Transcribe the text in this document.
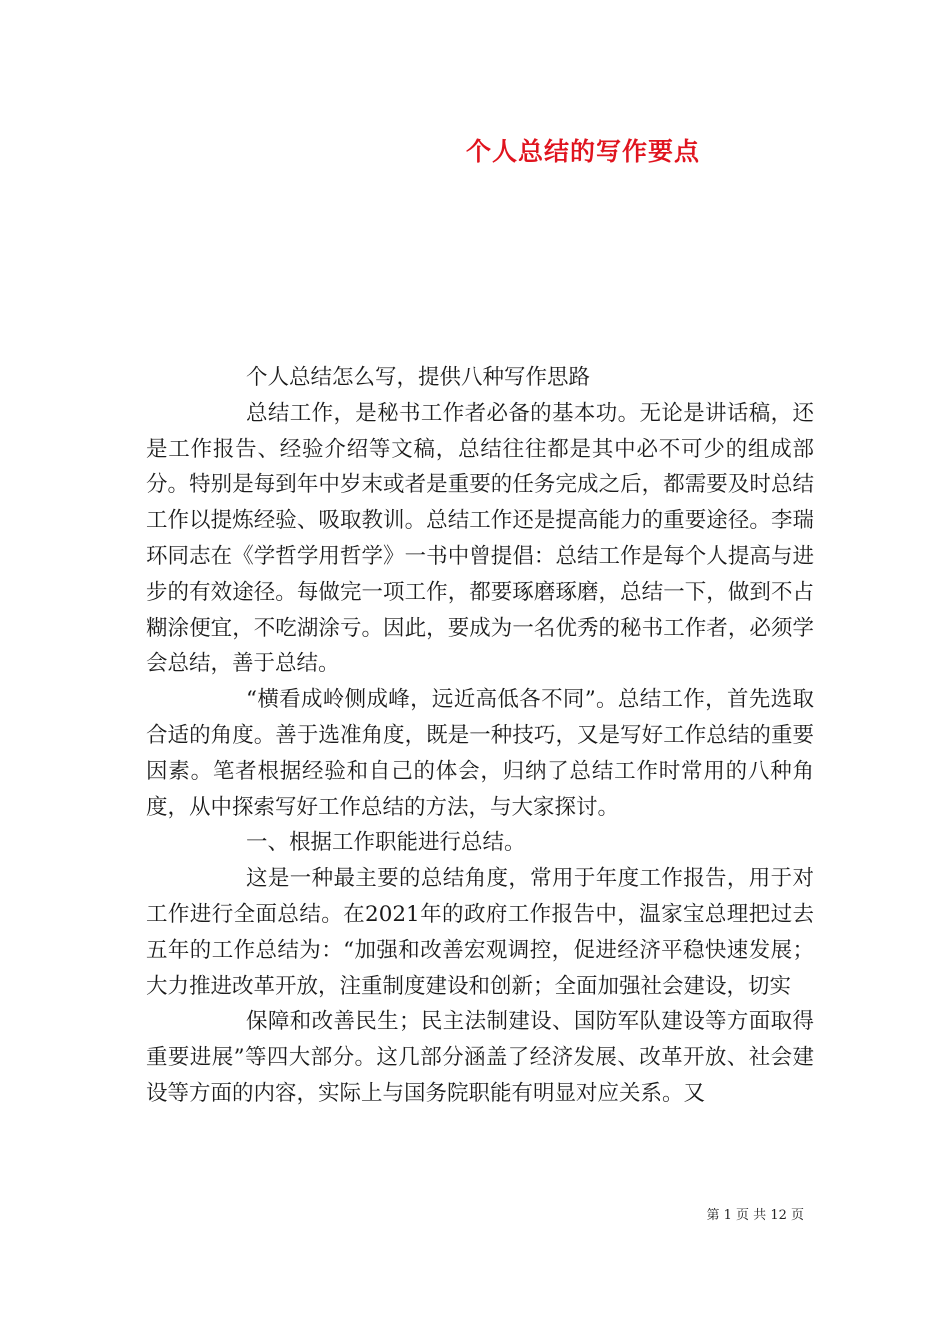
个人总结的写作要点

个人总结怎么写，提供八种写作思路

总结工作，是秘书工作者必备的基本功。无论是讲话稿，还是工作报告、经验介绍等文稿，总结往往都是其中必不可少的组成部分。特别是每到年中岁末或者是重要的任务完成之后，都需要及时总结工作以提炼经验、吸取教训。总结工作还是提高能力的重要途径。李瑞环同志在《学哲学用哲学》一书中曾提倡：总结工作是每个人提高与进步的有效途径。每做完一项工作，都要琢磨琢磨，总结一下，做到不占糊涂便宜，不吃湖涂亏。因此，要成为一名优秀的秘书工作者，必须学会总结，善于总结。

“横看成岭侧成峰，远近高低各不同”。总结工作，首先选取合适的角度。善于选准角度，既是一种技巧，又是写好工作总结的重要因素。笔者根据经验和自己的体会，归纳了总结工作时常用的八种角度，从中探索写好工作总结的方法，与大家探讨。

一、根据工作职能进行总结。

这是一种最主要的总结角度，常用于年度工作报告，用于对工作进行全面总结。在2021年的政府工作报告中，温家宝总理把过去五年的工作总结为：“加强和改善宏观调控，促进经济平稳快速发展；大力推进改革开放，注重制度建设和创新；全面加强社会建设，切实

保障和改善民生；民主法制建设、国防军队建设等方面取得重要进展”等四大部分。这几部分涵盖了经济发展、改革开放、社会建设等方面的内容，实际上与国务院职能有明显对应关系。又

第 1 页 共 12 页
